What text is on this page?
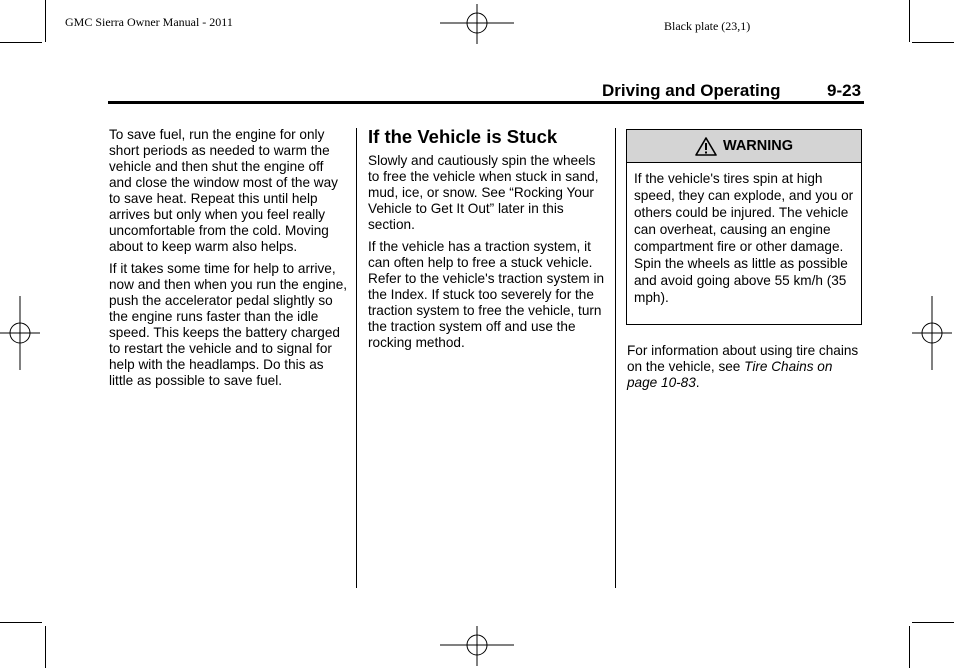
GMC Sierra Owner Manual - 2011	Black plate (23,1)
Driving and Operating	9-23

To save fuel, run the engine for only short periods as needed to warm the vehicle and then shut the engine off and close the window most of the way to save heat. Repeat this until help arrives but only when you feel really uncomfortable from the cold. Moving about to keep warm also helps.

If it takes some time for help to arrive, now and then when you run the engine, push the accelerator pedal slightly so the engine runs faster than the idle speed. This keeps the battery charged to restart the vehicle and to signal for help with the headlamps. Do this as little as possible to save fuel.

If the Vehicle is Stuck

Slowly and cautiously spin the wheels to free the vehicle when stuck in sand, mud, ice, or snow. See “Rocking Your Vehicle to Get It Out” later in this section.

If the vehicle has a traction system, it can often help to free a stuck vehicle. Refer to the vehicle's traction system in the Index. If stuck too severely for the traction system to free the vehicle, turn the traction system off and use the rocking method.

WARNING
If the vehicle's tires spin at high speed, they can explode, and you or others could be injured. The vehicle can overheat, causing an engine compartment fire or other damage. Spin the wheels as little as possible and avoid going above 55 km/h (35 mph).

For information about using tire chains on the vehicle, see Tire Chains on page 10-83.
